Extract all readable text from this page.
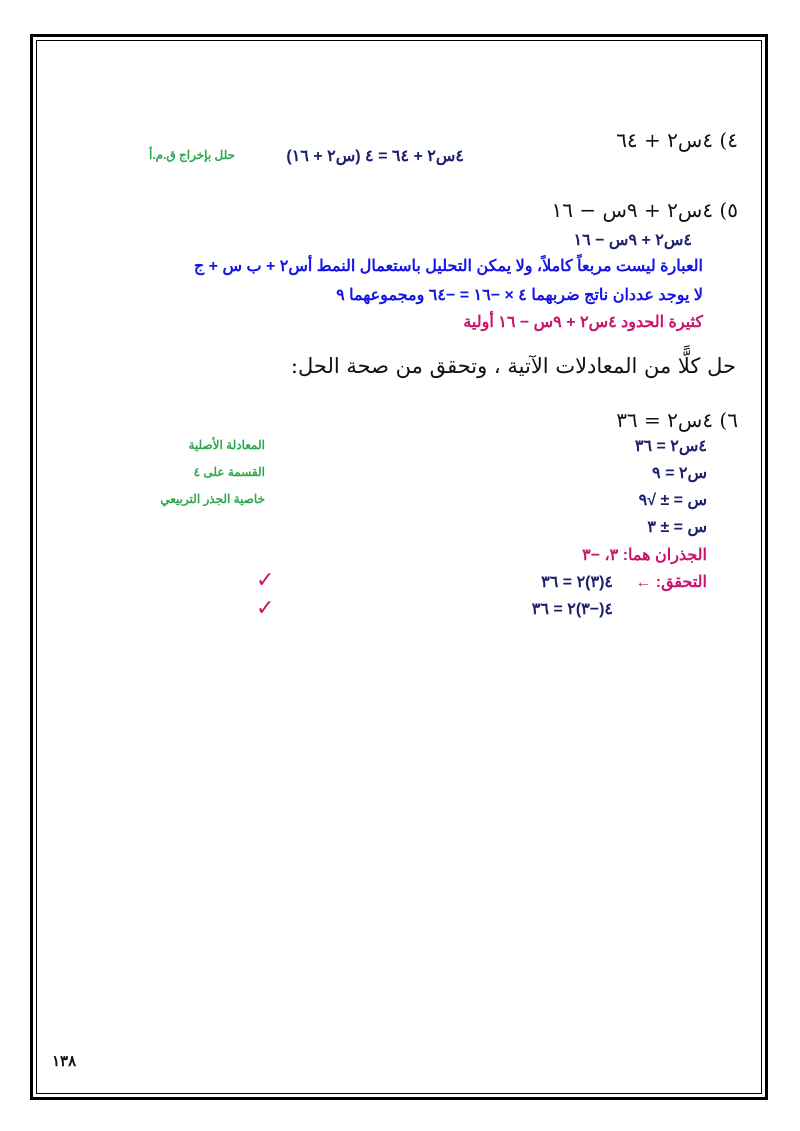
٤) ٤س٢ + ٦٤
٤س٢ + ٦٤ = ٤ (س٢ + ١٦)
حلل بإخراج ق.م.أ
٥) ٤س٢ + ٩س − ١٦
٤س٢ + ٩س − ١٦
العبارة ليست مربعاً كاملاً، ولا يمكن التحليل باستعمال النمط أس٢ + ب س + ج
لا يوجد عددان ناتج ضربهما ٤ × −١٦ = −٦٤ ومجموعهما ٩
كثيرة الحدود ٤س٢ + ٩س − ١٦ أولية
حل كلًّا من المعادلات الآتية ، وتحقق من صحة الحل:
٦) ٤س٢ = ٣٦
٤س٢ = ٣٦
المعادلة الأصلية
س٢ = ٩
القسمة على ٤
س = ± √٩
خاصية الجذر التربيعي
س = ± ٣
الجذران هما: ٣، −٣
التحقق: ←
٤(٣)٢ = ٣٦
✓
٤(−٣)٢ = ٣٦
✓
١٣٨
